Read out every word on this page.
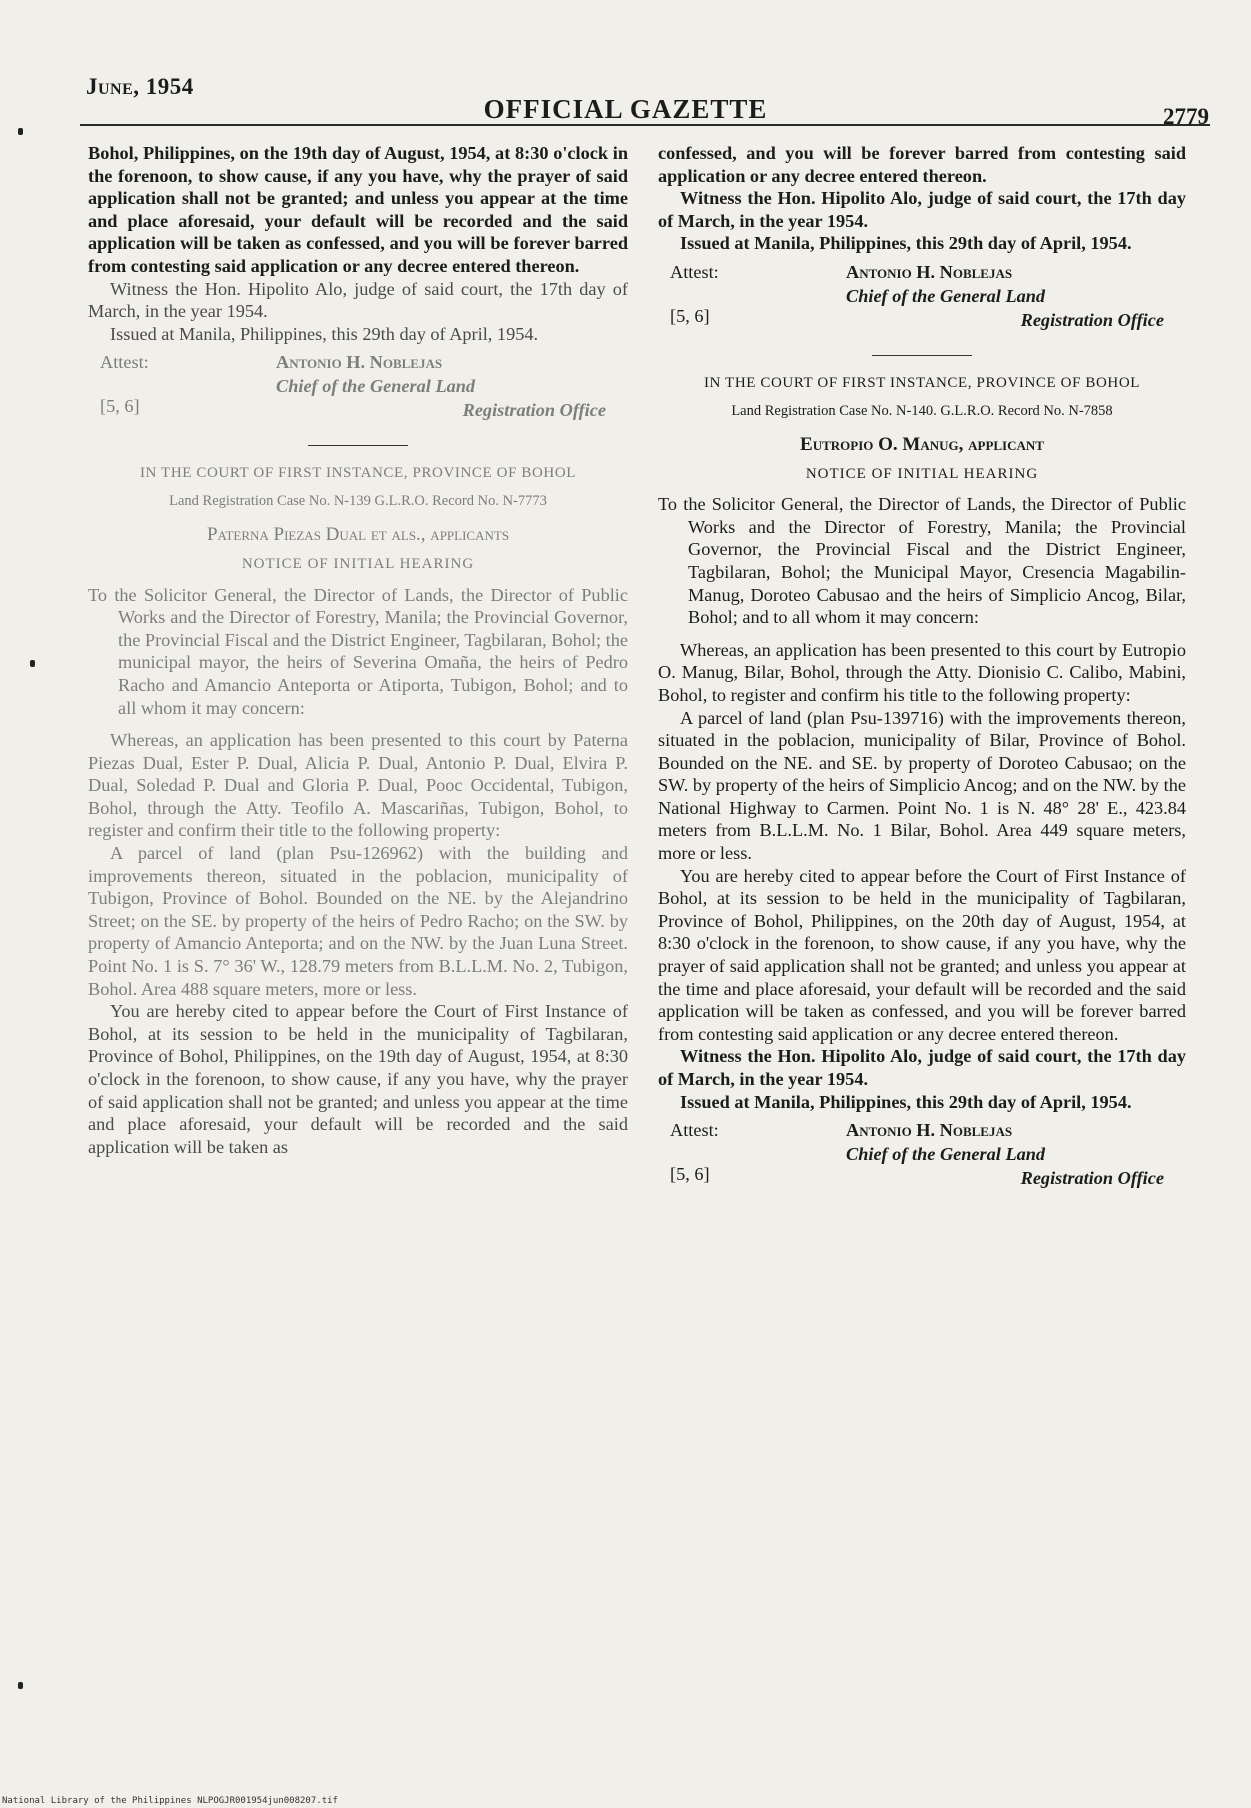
June, 1954
OFFICIAL GAZETTE	2779

Bohol, Philippines, on the 19th day of August, 1954, at 8:30 o'clock in the forenoon, to show cause, if any you have, why the prayer of said application shall not be granted; and unless you appear at the time and place aforesaid, your default will be recorded and the said application will be taken as confessed, and you will be forever barred from contesting said application or any decree entered thereon.

Witness the Hon. Hipolito Alo, judge of said court, the 17th day of March, in the year 1954.

Issued at Manila, Philippines, this 29th day of April, 1954.

Attest:	Antonio H. Noblejas
Chief of the General Land
[5, 6]	Registration Office
IN THE COURT OF FIRST INSTANCE, PROVINCE OF BOHOL
Land Registration Case No. N-139 G.L.R.O. Record No. N-7773
Paterna Piezas Dual et als., applicants
NOTICE OF INITIAL HEARING

To the Solicitor General, the Director of Lands, the Director of Public Works and the Director of Forestry, Manila; the Provincial Governor, the Provincial Fiscal and the District Engineer, Tagbilaran, Bohol; the municipal mayor, the heirs of Severina Omaña, the heirs of Pedro Racho and Amancio Anteporta or Atiporta, Tubigon, Bohol; and to all whom it may concern:

Whereas, an application has been presented to this court by Paterna Piezas Dual, Ester P. Dual, Alicia P. Dual, Antonio P. Dual, Elvira P. Dual, Soledad P. Dual and Gloria P. Dual, Pooc Occidental, Tubigon, Bohol, through the Atty. Teofilo A. Mascariñas, Tubigon, Bohol, to register and confirm their title to the following property:

A parcel of land (plan Psu-126962) with the building and improvements thereon, situated in the poblacion, municipality of Tubigon, Province of Bohol. Bounded on the NE. by the Alejandrino Street; on the SE. by property of the heirs of Pedro Racho; on the SW. by property of Amancio Anteporta; and on the NW. by the Juan Luna Street. Point No. 1 is S. 7° 36' W., 128.79 meters from B.L.L.M. No. 2, Tubigon, Bohol. Area 488 square meters, more or less.

You are hereby cited to appear before the Court of First Instance of Bohol, at its session to be held in the municipality of Tagbilaran, Province of Bohol, Philippines, on the 19th day of August, 1954, at 8:30 o'clock in the forenoon, to show cause, if any you have, why the prayer of said application shall not be granted; and unless you appear at the time and place aforesaid, your default will be recorded and the said application will be taken as

confessed, and you will be forever barred from contesting said application or any decree entered thereon.

Witness the Hon. Hipolito Alo, judge of said court, the 17th day of March, in the year 1954.

Issued at Manila, Philippines, this 29th day of April, 1954.

Attest:	Antonio H. Noblejas
Chief of the General Land
[5, 6]	Registration Office
IN THE COURT OF FIRST INSTANCE, PROVINCE OF BOHOL
Land Registration Case No. N-140. G.L.R.O. Record No. N-7858
Eutropio O. Manug, applicant
NOTICE OF INITIAL HEARING

To the Solicitor General, the Director of Lands, the Director of Public Works and the Director of Forestry, Manila; the Provincial Governor, the Provincial Fiscal and the District Engineer, Tagbilaran, Bohol; the Municipal Mayor, Cresencia Magabilin-Manug, Doroteo Cabusao and the heirs of Simplicio Ancog, Bilar, Bohol; and to all whom it may concern:

Whereas, an application has been presented to this court by Eutropio O. Manug, Bilar, Bohol, through the Atty. Dionisio C. Calibo, Mabini, Bohol, to register and confirm his title to the following property:

A parcel of land (plan Psu-139716) with the improvements thereon, situated in the poblacion, municipality of Bilar, Province of Bohol. Bounded on the NE. and SE. by property of Doroteo Cabusao; on the SW. by property of the heirs of Simplicio Ancog; and on the NW. by the National Highway to Carmen. Point No. 1 is N. 48° 28' E., 423.84 meters from B.L.L.M. No. 1 Bilar, Bohol. Area 449 square meters, more or less.

You are hereby cited to appear before the Court of First Instance of Bohol, at its session to be held in the municipality of Tagbilaran, Province of Bohol, Philippines, on the 20th day of August, 1954, at 8:30 o'clock in the forenoon, to show cause, if any you have, why the prayer of said application shall not be granted; and unless you appear at the time and place aforesaid, your default will be recorded and the said application will be taken as confessed, and you will be forever barred from contesting said application or any decree entered thereon.

Witness the Hon. Hipolito Alo, judge of said court, the 17th day of March, in the year 1954.

Issued at Manila, Philippines, this 29th day of April, 1954.

Attest:	Antonio H. Noblejas
Chief of the General Land
[5, 6]	Registration Office
National Library of the Philippines NLPOGJR001954jun008207.tif
